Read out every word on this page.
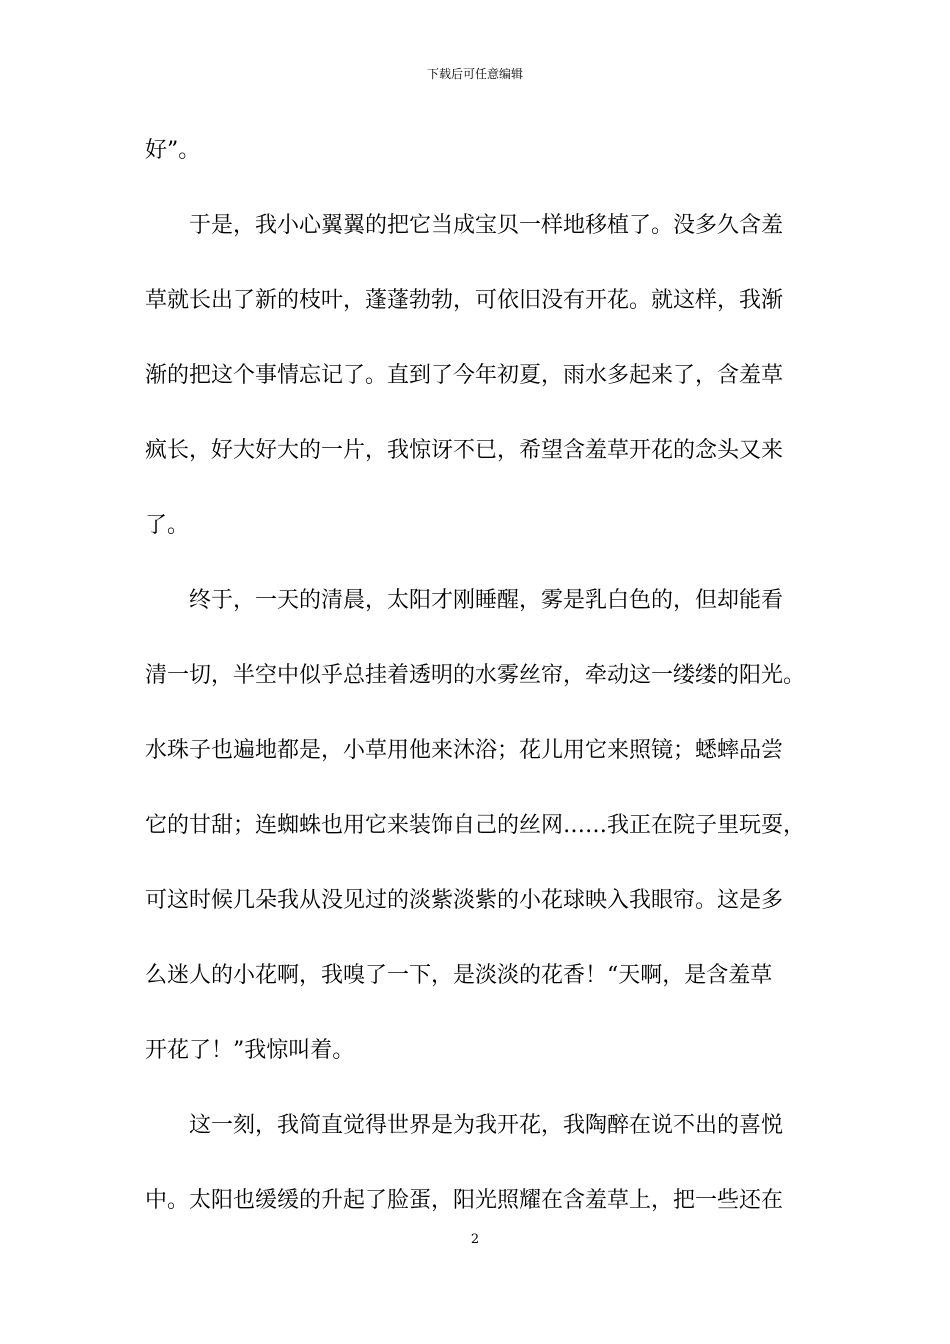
下载后可任意编辑
好”。
于是，我小心翼翼的把它当成宝贝一样地移植了。没多久含羞
草就长出了新的枝叶，蓬蓬勃勃，可依旧没有开花。就这样，我渐
渐的把这个事情忘记了。直到了今年初夏，雨水多起来了，含羞草
疯长，好大好大的一片，我惊讶不已，希望含羞草开花的念头又来
了。
终于，一天的清晨，太阳才刚睡醒，雾是乳白色的，但却能看
清一切，半空中似乎总挂着透明的水雾丝帘，牵动这一缕缕的阳光。
水珠子也遍地都是，小草用他来沐浴；花儿用它来照镜；蟋蟀品尝
它的甘甜；连蜘蛛也用它来装饰自己的丝网……我正在院子里玩耍，
可这时候几朵我从没见过的淡紫淡紫的小花球映入我眼帘。这是多
么迷人的小花啊，我嗅了一下，是淡淡的花香！“天啊，是含羞草
开花了！”我惊叫着。
这一刻，我简直觉得世界是为我开花，我陶醉在说不出的喜悦
中。太阳也缓缓的升起了脸蛋，阳光照耀在含羞草上，把一些还在
2
